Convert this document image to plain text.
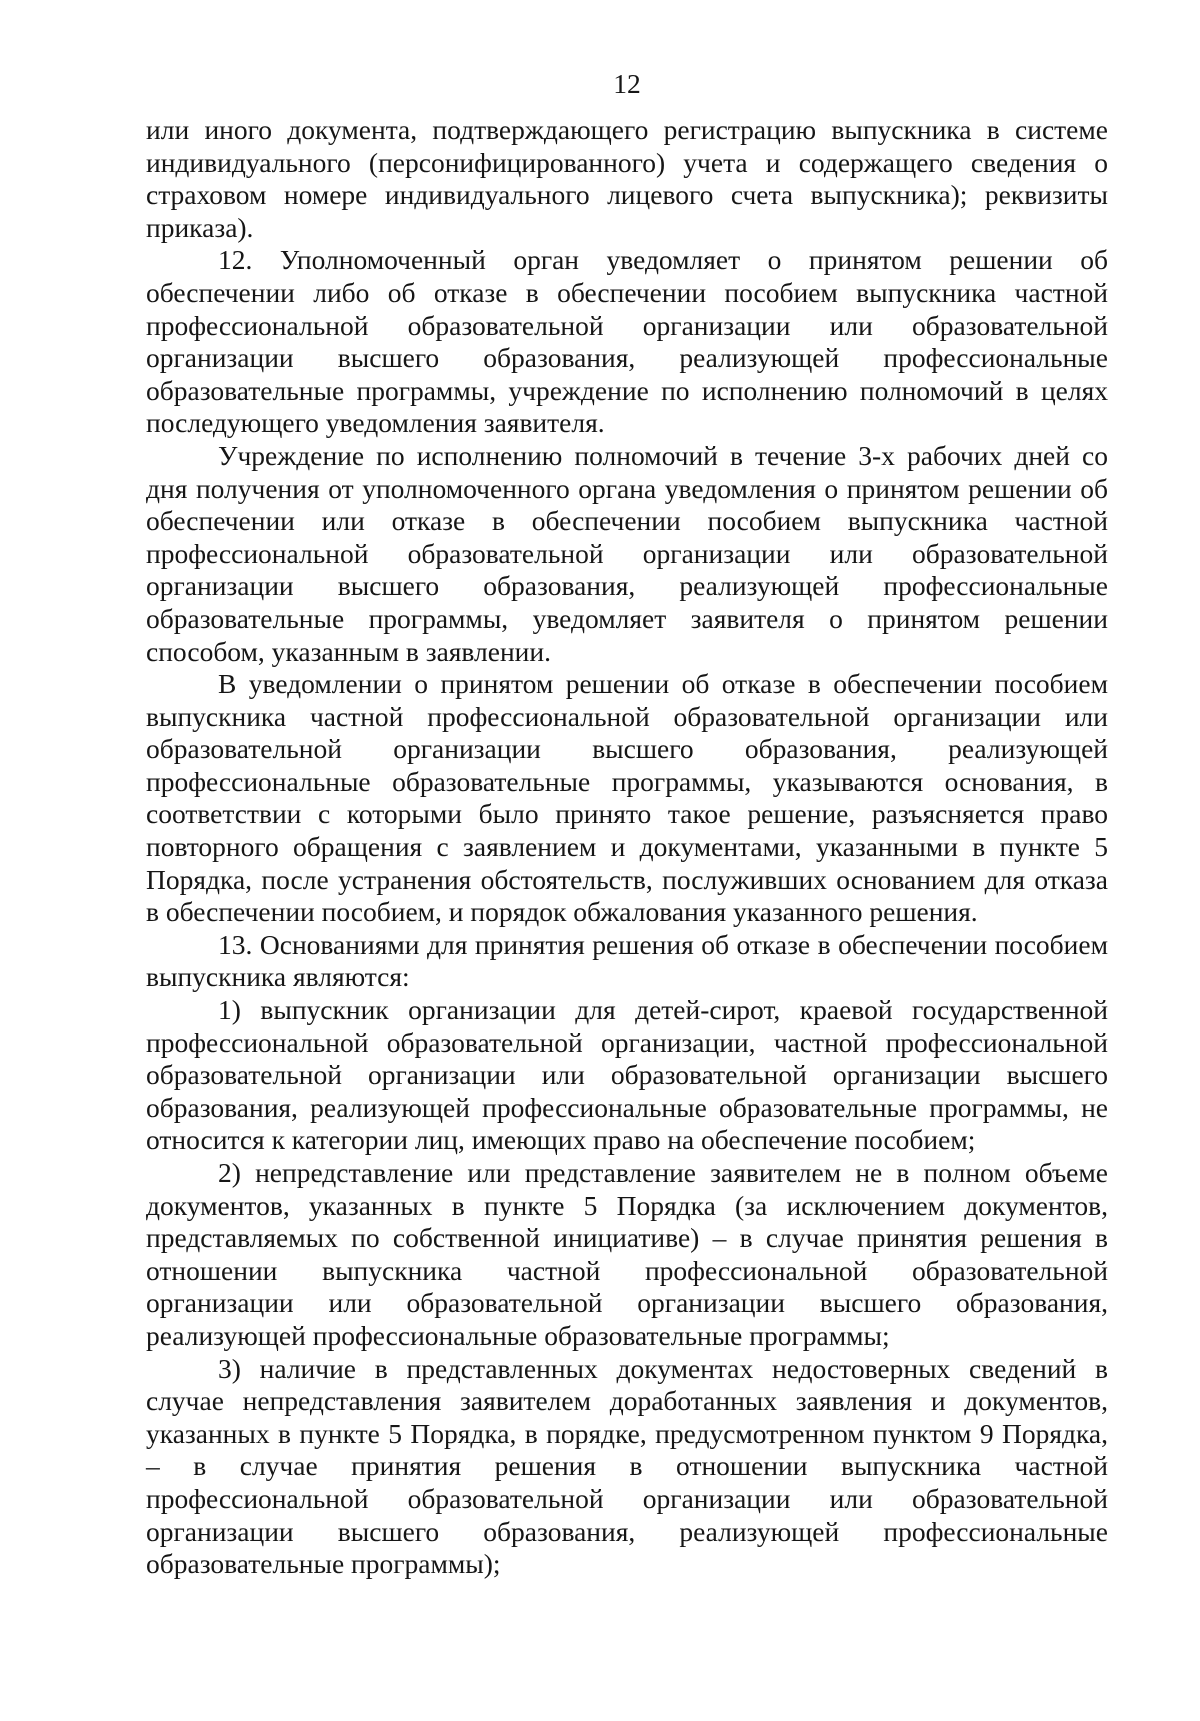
12

или иного документа, подтверждающего регистрацию выпускника в системе индивидуального (персонифицированного) учета и содержащего сведения о страховом номере индивидуального лицевого счета выпускника); реквизиты приказа).

12. Уполномоченный орган уведомляет о принятом решении об обеспечении либо об отказе в обеспечении пособием выпускника частной профессиональной образовательной организации или образовательной организации высшего образования, реализующей профессиональные образовательные программы, учреждение по исполнению полномочий в целях последующего уведомления заявителя.

Учреждение по исполнению полномочий в течение 3-х рабочих дней со дня получения от уполномоченного органа уведомления о принятом решении об обеспечении или отказе в обеспечении пособием выпускника частной профессиональной образовательной организации или образовательной организации высшего образования, реализующей профессиональные образовательные программы, уведомляет заявителя о принятом решении способом, указанным в заявлении.

В уведомлении о принятом решении об отказе в обеспечении пособием выпускника частной профессиональной образовательной организации или образовательной организации высшего образования, реализующей профессиональные образовательные программы, указываются основания, в соответствии с которыми было принято такое решение, разъясняется право повторного обращения с заявлением и документами, указанными в пункте 5 Порядка, после устранения обстоятельств, послуживших основанием для отказа в обеспечении пособием, и порядок обжалования указанного решения.

13. Основаниями для принятия решения об отказе в обеспечении пособием выпускника являются:

1) выпускник организации для детей-сирот, краевой государственной профессиональной образовательной организации, частной профессиональной образовательной организации или образовательной организации высшего образования, реализующей профессиональные образовательные программы, не относится к категории лиц, имеющих право на обеспечение пособием;

2) непредставление или представление заявителем не в полном объеме документов, указанных в пункте 5 Порядка (за исключением документов, представляемых по собственной инициативе) – в случае принятия решения в отношении выпускника частной профессиональной образовательной организации или образовательной организации высшего образования, реализующей профессиональные образовательные программы;

3) наличие в представленных документах недостоверных сведений в случае непредставления заявителем доработанных заявления и документов, указанных в пункте 5 Порядка, в порядке, предусмотренном пунктом 9 Порядка, – в случае принятия решения в отношении выпускника частной профессиональной образовательной организации или образовательной организации высшего образования, реализующей профессиональные образовательные программы);
